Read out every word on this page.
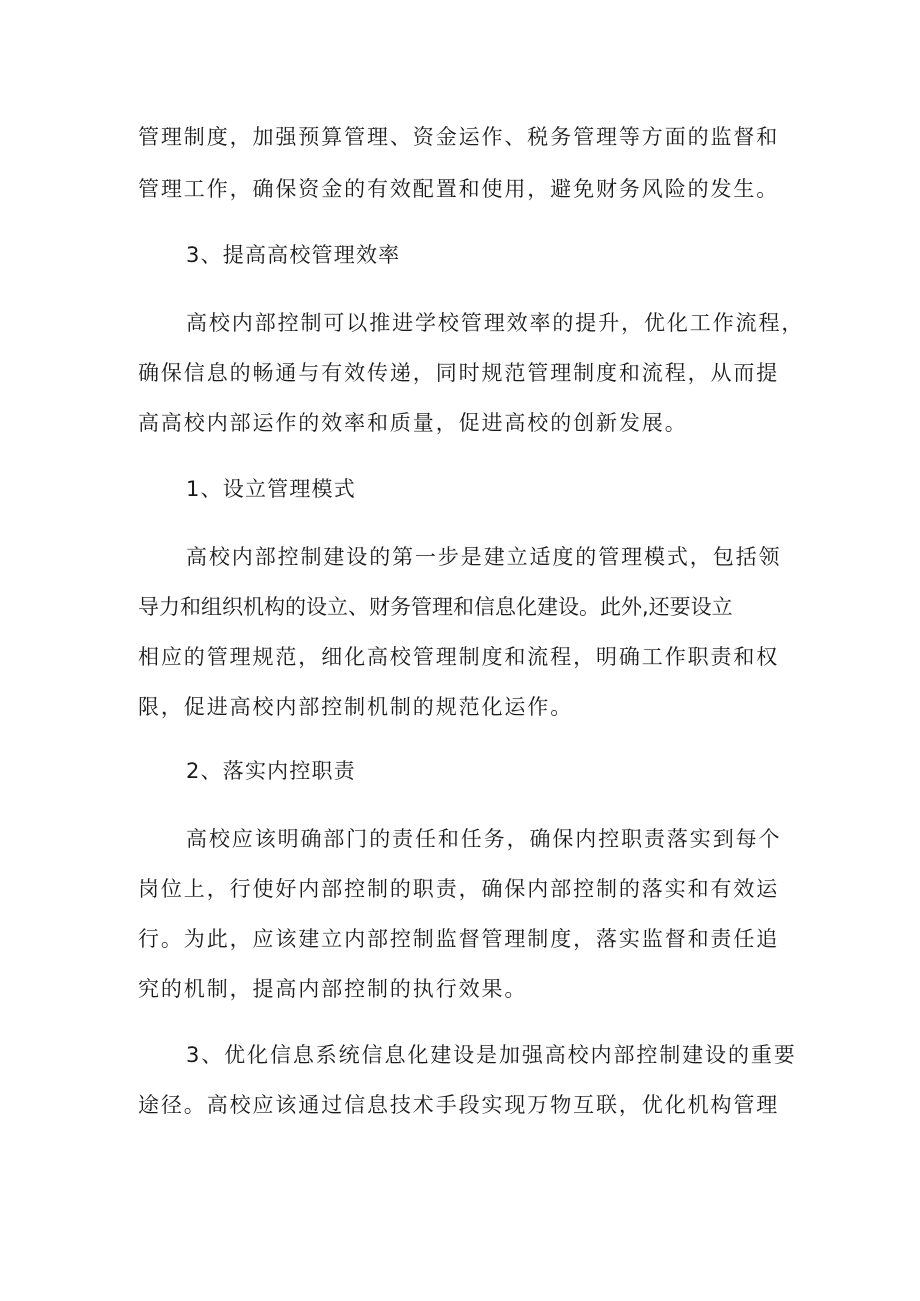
管理制度，加强预算管理、资金运作、税务管理等方面的监督和
管理工作，确保资金的有效配置和使用，避免财务风险的发生。
3、提高高校管理效率
高校内部控制可以推进学校管理效率的提升，优化工作流程，
确保信息的畅通与有效传递，同时规范管理制度和流程，从而提
高高校内部运作的效率和质量，促进高校的创新发展。
1、设立管理模式
高校内部控制建设的第一步是建立适度的管理模式，包括领
导力和组织机构的设立、财务管理和信息化建设。此外,还要设立
相应的管理规范，细化高校管理制度和流程，明确工作职责和权
限，促进高校内部控制机制的规范化运作。
2、落实内控职责
高校应该明确部门的责任和任务，确保内控职责落实到每个
岗位上，行使好内部控制的职责，确保内部控制的落实和有效运
行。为此，应该建立内部控制监督管理制度，落实监督和责任追
究的机制，提高内部控制的执行效果。
3、优化信息系统信息化建设是加强高校内部控制建设的重要
途径。高校应该通过信息技术手段实现万物互联，优化机构管理
